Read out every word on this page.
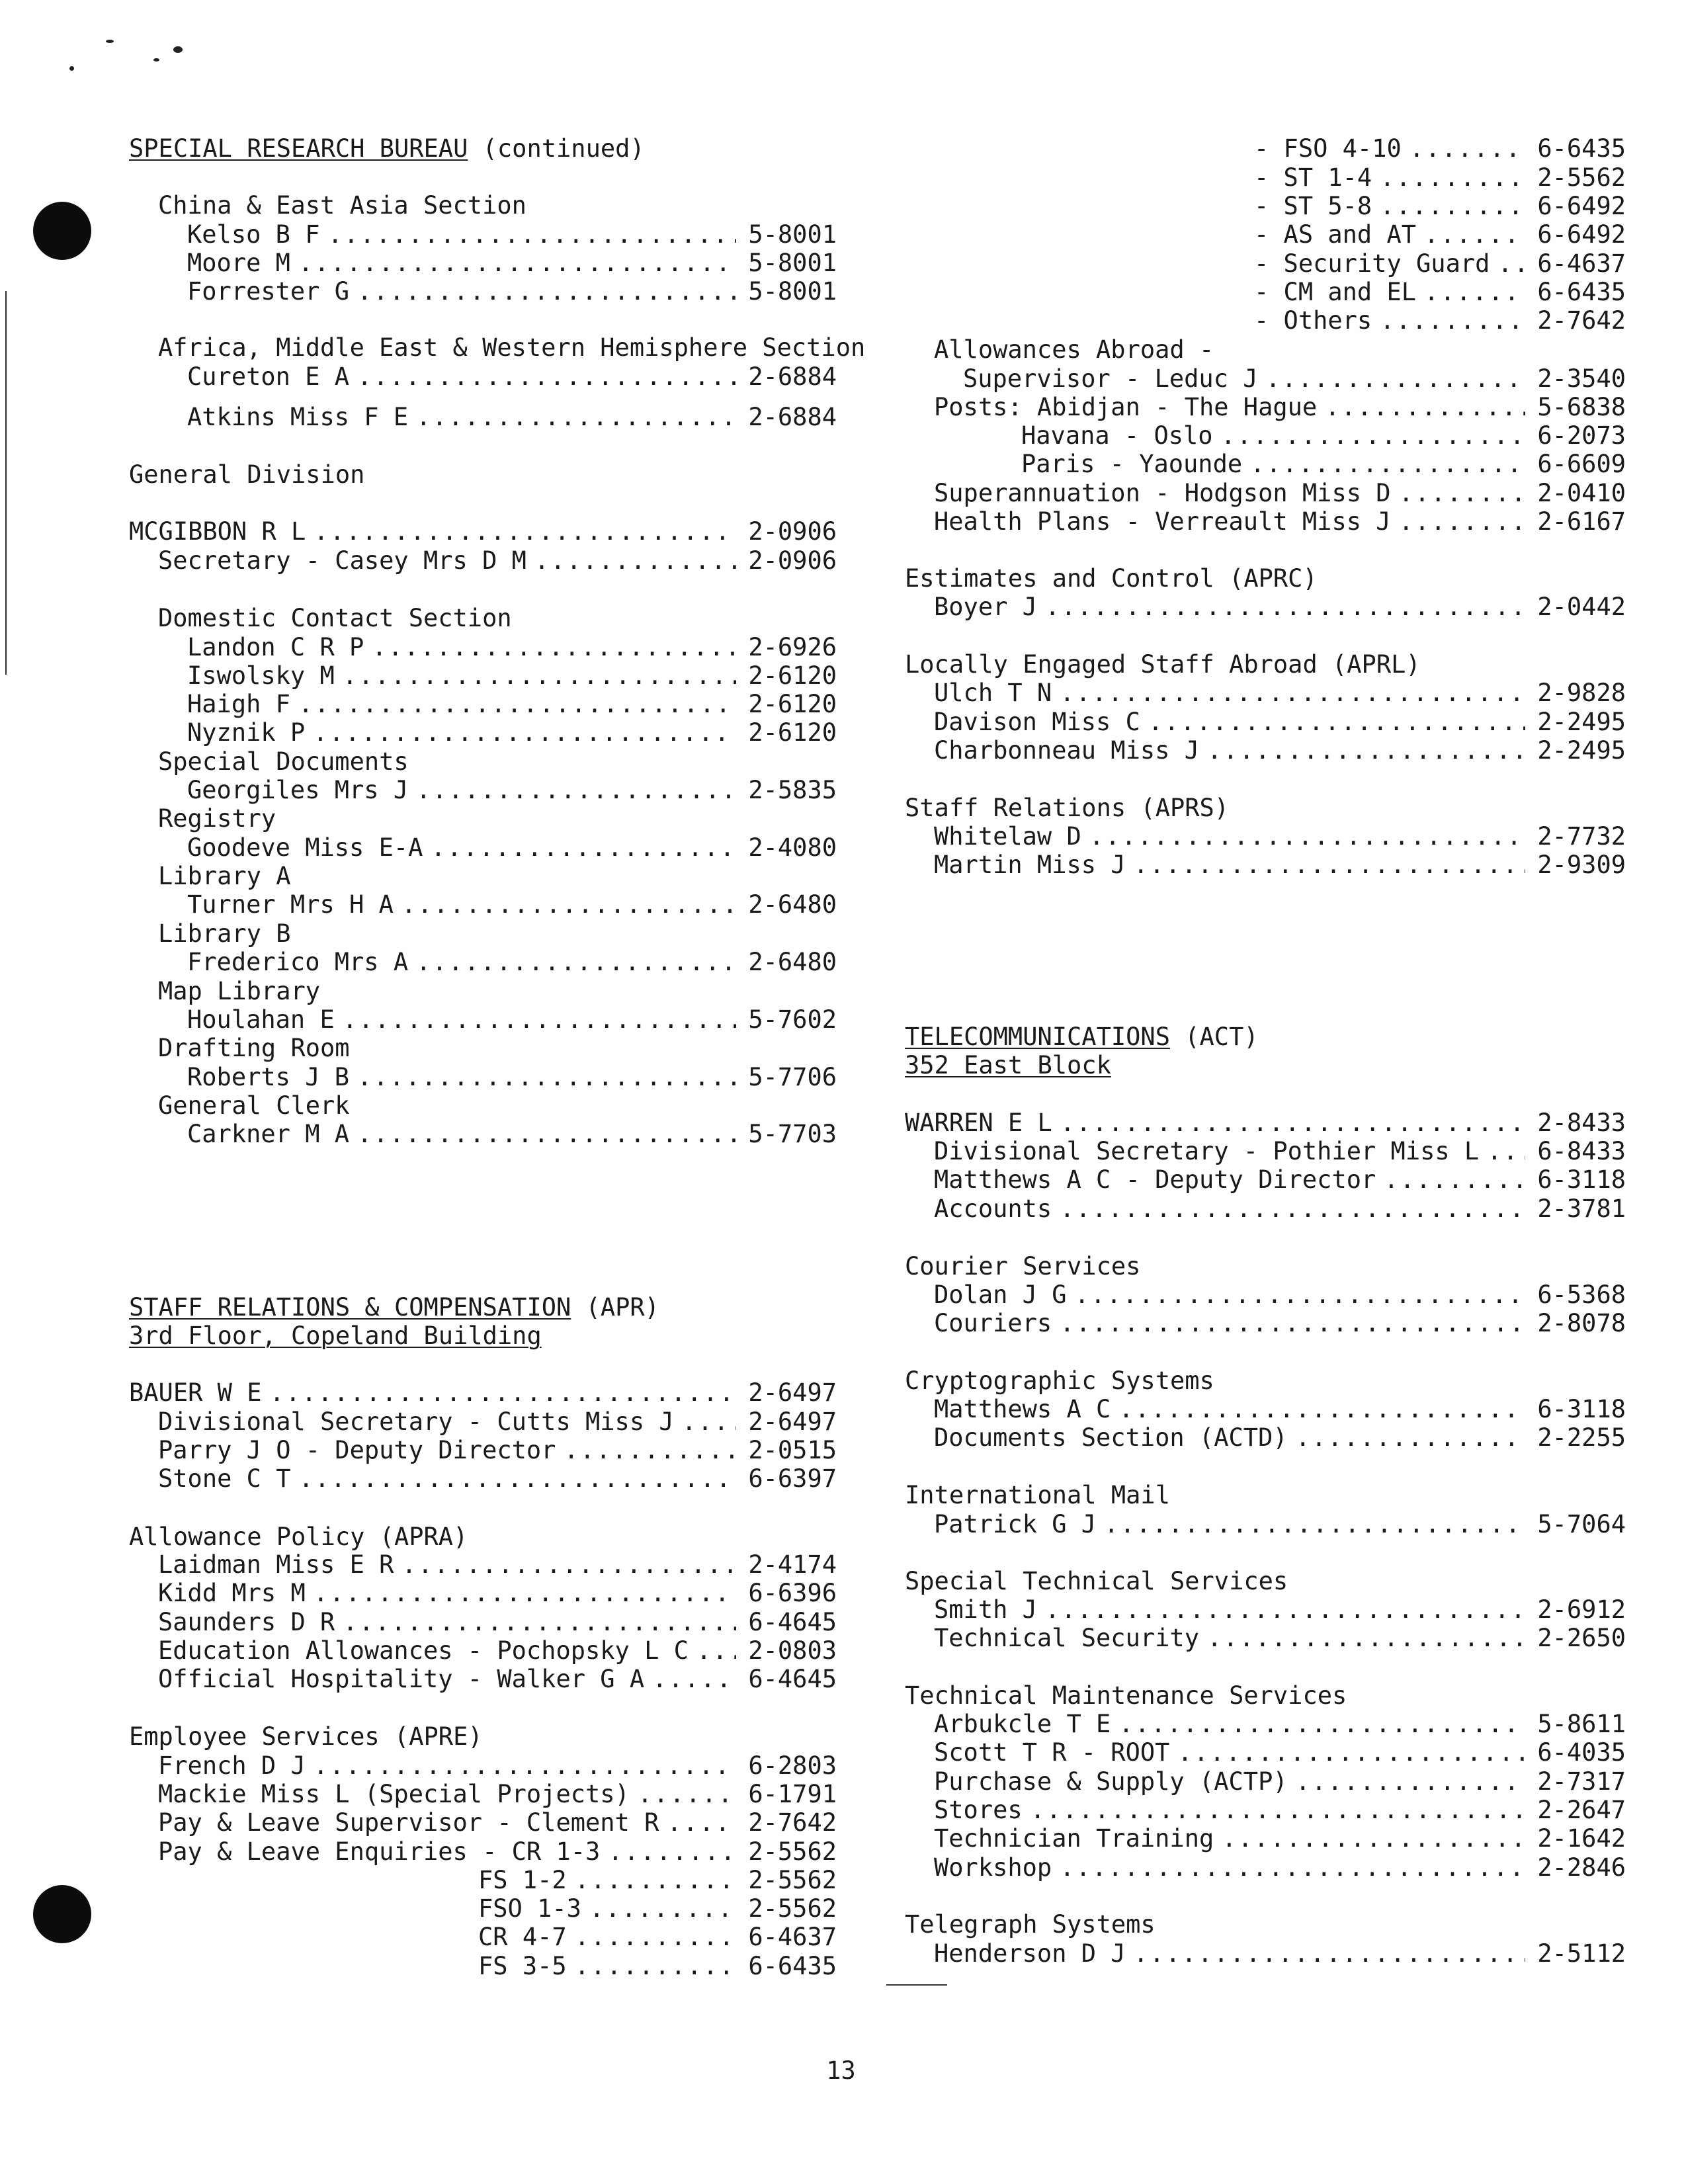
SPECIAL RESEARCH BUREAU (continued)
China & East Asia Section
Kelso B F .....	5-8001
Moore M .....	5-8001
Forrester G .....	5-8001
Africa, Middle East & Western Hemisphere Section
Cureton E A .....	2-6884
Atkins Miss F E .....	2-6884
General Division
MCGIBBON R L .....	2-0906
Secretary - Casey Mrs D M .....	2-0906
Domestic Contact Section
Landon C R P .....	2-6926
Iswolsky M .....	2-6120
Haigh F .....	2-6120
Nyznik P .....	2-6120
Special Documents
Georgiles Mrs J .....	2-5835
Registry
Goodeve Miss E-A .....	2-4080
Library A
Turner Mrs H A .....	2-6480
Library B
Frederico Mrs A .....	2-6480
Map Library
Houlahan E .....	5-7602
Drafting Room
Roberts J B .....	5-7706
General Clerk
Carkner M A .....	5-7703
STAFF RELATIONS & COMPENSATION (APR)
3rd Floor, Copeland Building
BAUER W E .....	2-6497
Divisional Secretary - Cutts Miss J .....	2-6497
Parry J O - Deputy Director .....	2-0515
Stone C T .....	6-6397
Allowance Policy (APRA)
Laidman Miss E R .....	2-4174
Kidd Mrs M .....	6-6396
Saunders D R .....	6-4645
Education Allowances - Pochopsky L C ..... 2-0803
Official Hospitality - Walker G A .....	6-4645
Employee Services (APRE)
French D J .....	6-2803
Mackie Miss L (Special Projects) .....	6-1791
Pay & Leave Supervisor - Clement R .....	2-7642
Pay & Leave Enquiries - CR 1-3 .....	2-5562
FS 1-2 .....	2-5562
FSO 1-3 .....	2-5562
CR 4-7 .....	6-4637
FS 3-5 .....	6-6435
- FSO 4-10 .....	6-6435
- ST 1-4 .....	2-5562
- ST 5-8 .....	6-6492
- AS and AT .....	6-6492
- Security Guard ..... 6-4637
- CM and EL .....	6-6435
- Others .....	2-7642
Allowances Abroad -
Supervisor - Leduc J .....	2-3540
Posts: Abidjan - The Hague .....	5-6838
Havana - Oslo .....	6-2073
Paris - Yaounde .....	6-6609
Superannuation - Hodgson Miss D .....	2-0410
Health Plans - Verreault Miss J .....	2-6167
Estimates and Control (APRC)
Boyer J .....	2-0442
Locally Engaged Staff Abroad (APRL)
Ulch T N .....	2-9828
Davison Miss C .....	2-2495
Charbonneau Miss J .....	2-2495
Staff Relations (APRS)
Whitelaw D .....	2-7732
Martin Miss J .....	2-9309
TELECOMMUNICATIONS (ACT)
352 East Block
WARREN E L .....	2-8433
Divisional Secretary - Pothier Miss L ..... 6-8433
Matthews A C - Deputy Director .....	6-3118
Accounts .....	2-3781
Courier Services
Dolan J G .....	6-5368
Couriers .....	2-8078
Cryptographic Systems
Matthews A C .....	6-3118
Documents Section (ACTD) .....	2-2255
International Mail
Patrick G J .....	5-7064
Special Technical Services
Smith J .....	2-6912
Technical Security .....	2-2650
Technical Maintenance Services
Arbukcle T E .....	5-8611
Scott T R - ROOT .....	6-4035
Purchase & Supply (ACTP) .....	2-7317
Stores .....	2-2647
Technician Training .....	2-1642
Workshop .....	2-2846
Telegraph Systems
Henderson D J .....	2-5112
13
